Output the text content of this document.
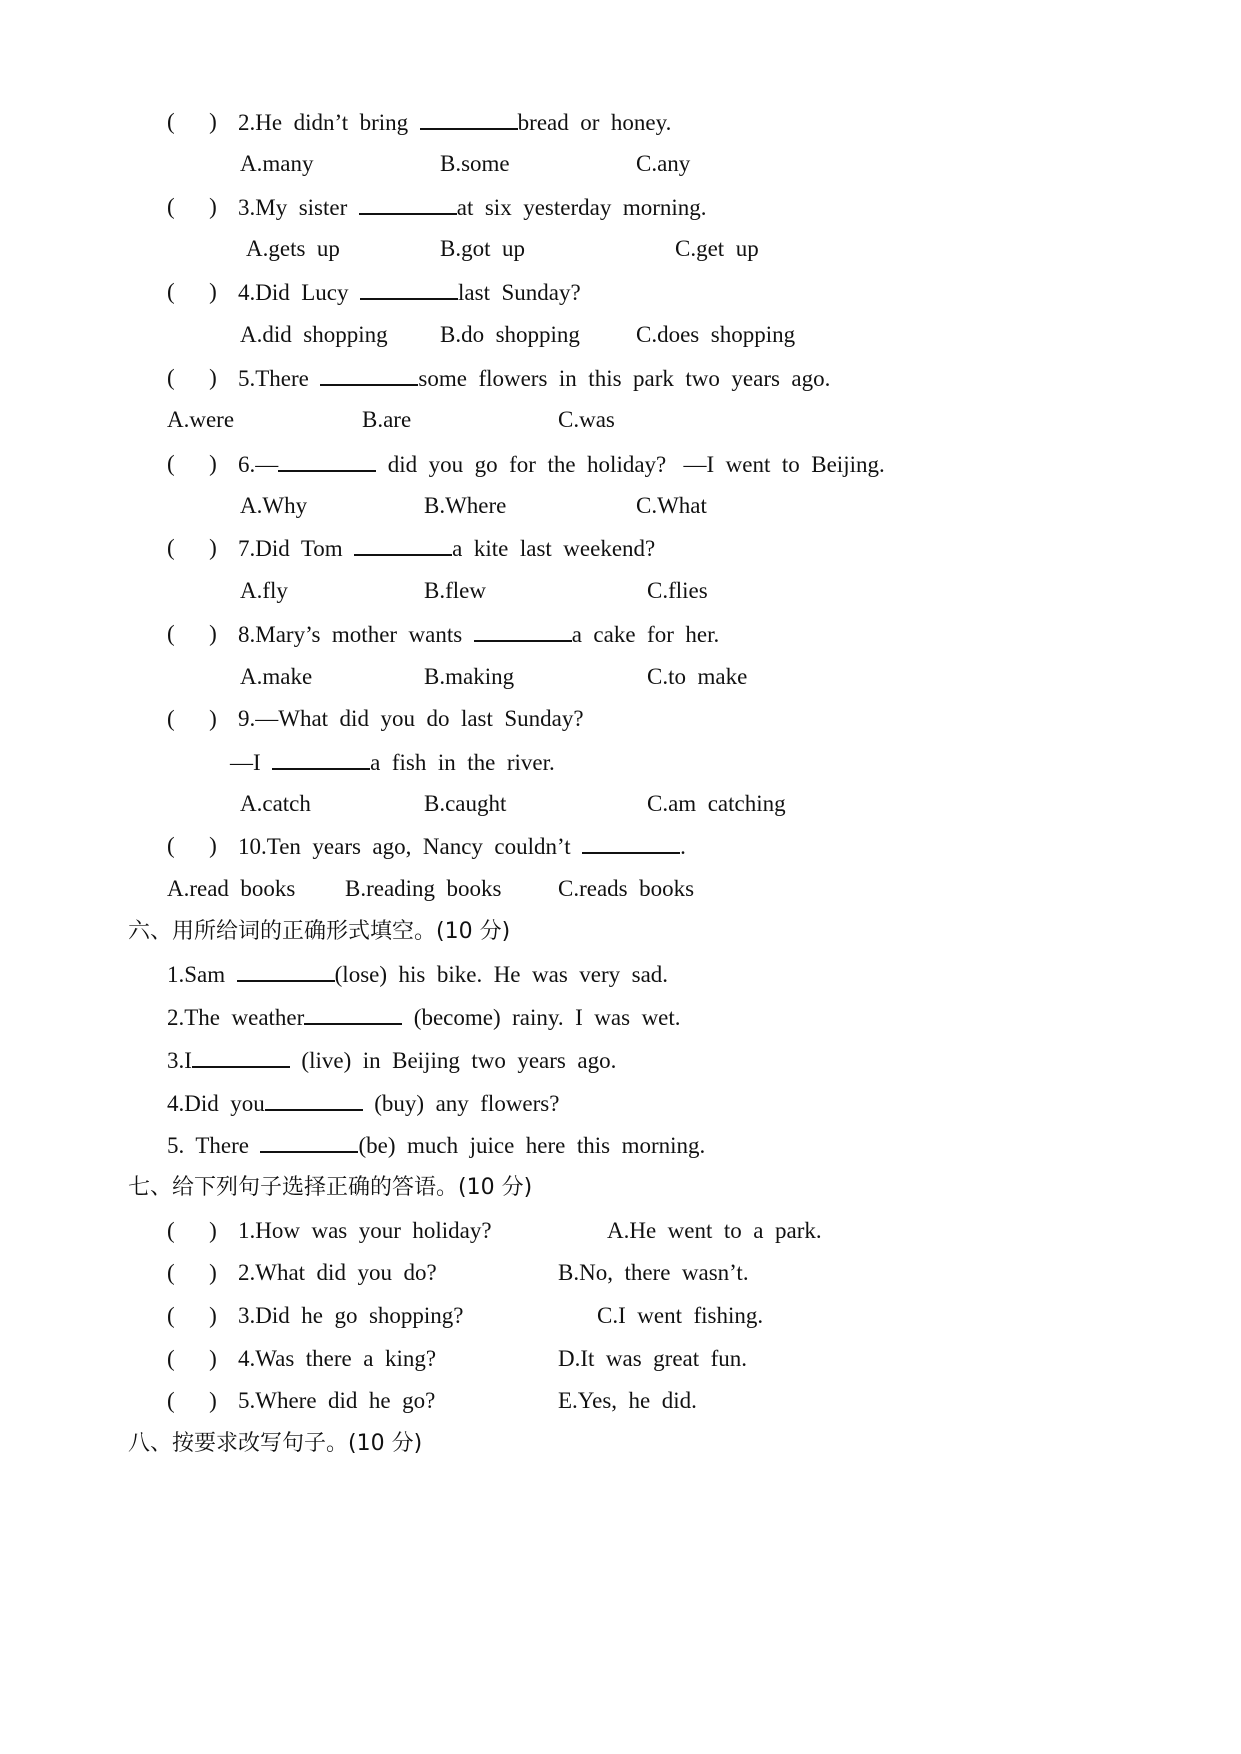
(      ) 2.He  didn’t  bring	bread  or  honey.
A.many	B.some	C.any
(      ) 3.My  sister	at  six  yesterday  morning.
A.gets  up	B.got  up	C.get  up
(      ) 4.Did  Lucy	last  Sunday?
A.did  shopping B.do  shopping C.does  shopping
(      ) 5.There	some  flowers  in  this  park  two  years  ago.
A.were	B.are	C.was
(      ) 6.—	did  you  go  for  the  holiday?   —I  went  to  Beijing.
A.Why	B.Where	C.What
(      ) 7.Did  Tom	a  kite  last  weekend?
A.fly	B.flew	C.flies
(      ) 8.Mary’s  mother  wants	a  cake  for  her.
A.make	B.making	C.to  make
(      ) 9.—What  did  you  do  last  Sunday?
—I	a  fish  in  the  river.
A.catch	B.caught	C.am  catching
(      ) 10.Ten  years  ago,  Nancy  couldn’t	.
A.read  books B.reading  books C.reads  books
六、用所给词的正确形式填空。(10 分)
1.Sam	(lose)  his  bike.  He  was  very  sad.
2.The  weather	(become)  rainy.  I  was  wet.
3.I	(live)  in  Beijing  two  years  ago.
4.Did  you	(buy)  any  flowers?
5.  There	(be)  much  juice  here  this  morning.
七、给下列句子选择正确的答语。(10 分)
(      ) 1.How  was  your  holiday?	A.He  went  to  a  park.
(      ) 2.What  did  you  do?	B.No,  there  wasn’t.
(      ) 3.Did  he  go  shopping?	C.I  went  fishing.
(      ) 4.Was  there  a  king?	D.It  was  great  fun.
(      ) 5.Where  did  he  go?	E.Yes,  he  did.
八、按要求改写句子。(10 分)
